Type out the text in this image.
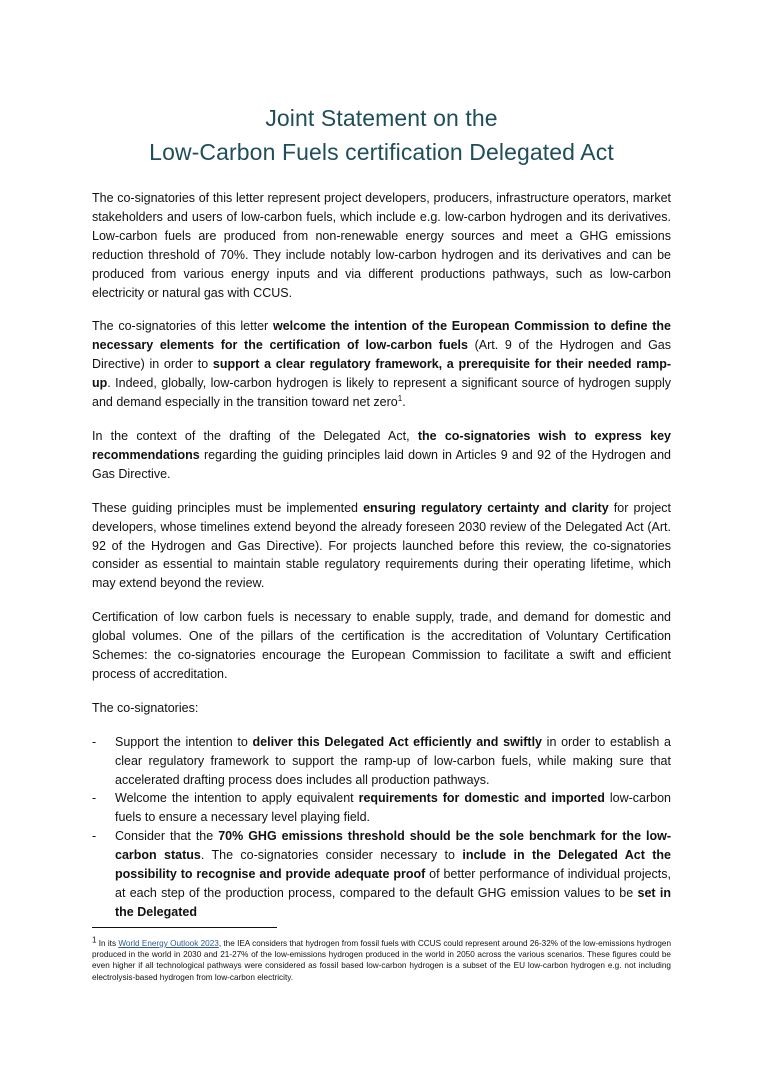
Joint Statement on the
Low-Carbon Fuels certification Delegated Act

The co-signatories of this letter represent project developers, producers, infrastructure operators, market stakeholders and users of low-carbon fuels, which include e.g. low-carbon hydrogen and its derivatives. Low-carbon fuels are produced from non-renewable energy sources and meet a GHG emissions reduction threshold of 70%. They include notably low-carbon hydrogen and its derivatives and can be produced from various energy inputs and via different productions pathways, such as low-carbon electricity or natural gas with CCUS.

The co-signatories of this letter welcome the intention of the European Commission to define the necessary elements for the certification of low-carbon fuels (Art. 9 of the Hydrogen and Gas Directive) in order to support a clear regulatory framework, a prerequisite for their needed ramp-up. Indeed, globally, low-carbon hydrogen is likely to represent a significant source of hydrogen supply and demand especially in the transition toward net zero$^1$.

In the context of the drafting of the Delegated Act, the co-signatories wish to express key recommendations regarding the guiding principles laid down in Articles 9 and 92 of the Hydrogen and Gas Directive.

These guiding principles must be implemented ensuring regulatory certainty and clarity for project developers, whose timelines extend beyond the already foreseen 2030 review of the Delegated Act (Art. 92 of the Hydrogen and Gas Directive). For projects launched before this review, the co-signatories consider as essential to maintain stable regulatory requirements during their operating lifetime, which may extend beyond the review.

Certification of low carbon fuels is necessary to enable supply, trade, and demand for domestic and global volumes. One of the pillars of the certification is the accreditation of Voluntary Certification Schemes: the co-signatories encourage the European Commission to facilitate a swift and efficient process of accreditation.

The co-signatories:

- Support the intention to deliver this Delegated Act efficiently and swiftly in order to establish a clear regulatory framework to support the ramp-up of low-carbon fuels, while making sure that accelerated drafting process does includes all production pathways.
- Welcome the intention to apply equivalent requirements for domestic and imported low-carbon fuels to ensure a necessary level playing field.
- Consider that the 70% GHG emissions threshold should be the sole benchmark for the low-carbon status. The co-signatories consider necessary to include in the Delegated Act the possibility to recognise and provide adequate proof of better performance of individual projects, at each step of the production process, compared to the default GHG emission values to be set in the Delegated
$^1$ In its World Energy Outlook 2023, the IEA considers that hydrogen from fossil fuels with CCUS could represent around 26-32% of the low-emissions hydrogen produced in the world in 2030 and 21-27% of the low-emissions hydrogen produced in the world in 2050 across the various scenarios. These figures could be even higher if all technological pathways were considered as fossil based low-carbon hydrogen is a subset of the EU low-carbon hydrogen e.g. not including electrolysis-based hydrogen from low-carbon electricity.
